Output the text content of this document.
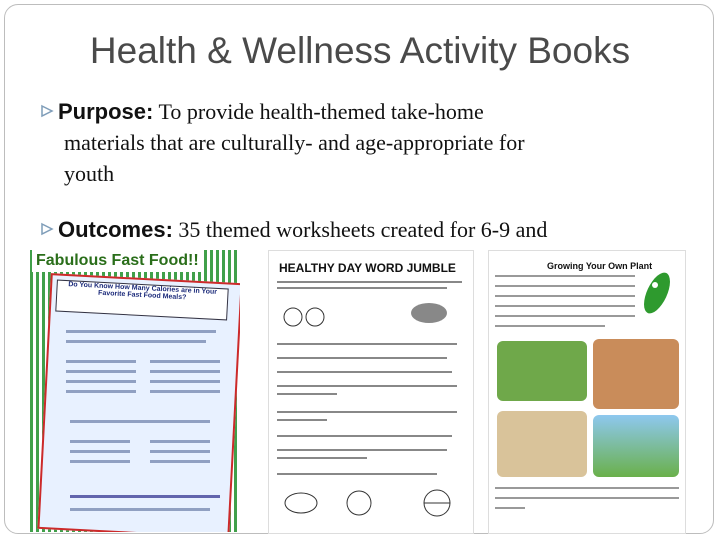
Health & Wellness Activity Books
Purpose: To provide health-themed take-home
materials that are culturally- and age-appropriate for
youth
Outcomes: 35 themed worksheets created for 6-9 and
Fabulous Fast Food!!
Do You Know How Many Calories are in Your Favorite Fast Food Meals?
HEALTHY DAY WORD JUMBLE	Growing Your Own Plant
